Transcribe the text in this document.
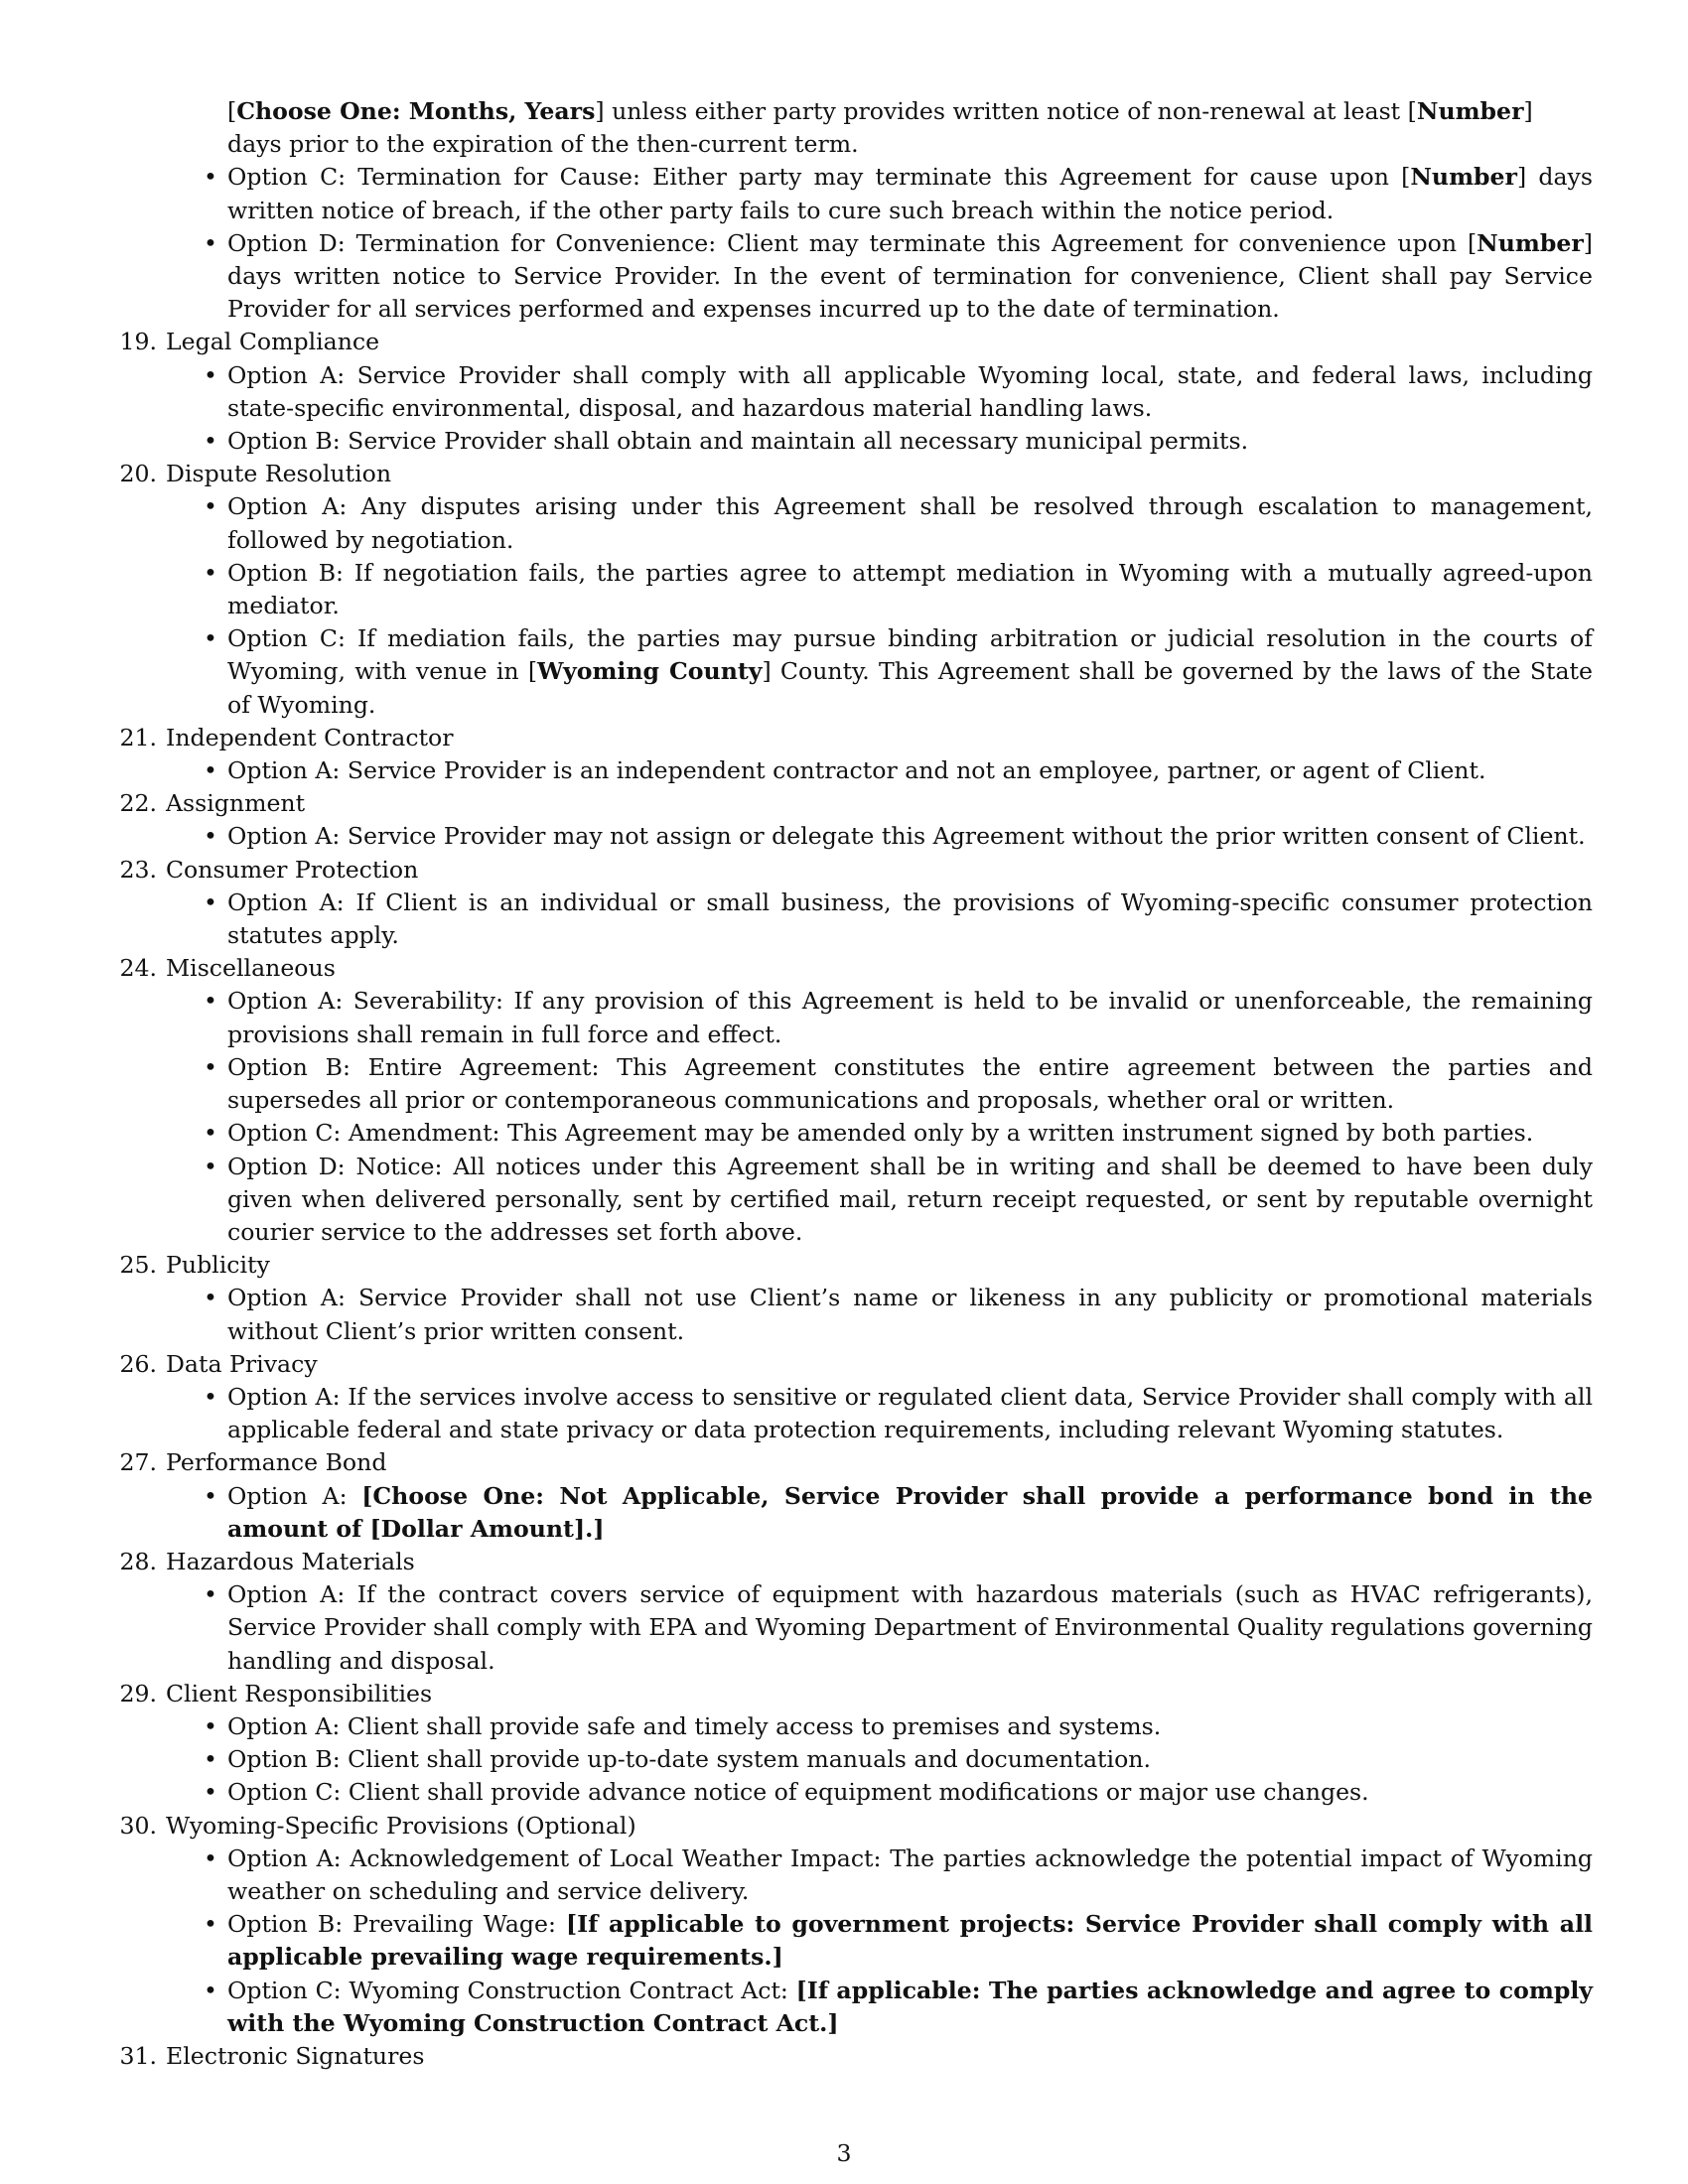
[Choose One: Months, Years] unless either party provides written notice of non-renewal at least [Number]
days prior to the expiration of the then-current term.
• Option C: Termination for Cause: Either party may terminate this Agreement for cause upon [Number] days written notice of breach, if the other party fails to cure such breach within the notice period.
• Option D: Termination for Convenience: Client may terminate this Agreement for convenience upon [Number] days written notice to Service Provider. In the event of termination for convenience, Client shall pay Service Provider for all services performed and expenses incurred up to the date of termination.
19. Legal Compliance
• Option A: Service Provider shall comply with all applicable Wyoming local, state, and federal laws, including state-specific environmental, disposal, and hazardous material handling laws.
• Option B: Service Provider shall obtain and maintain all necessary municipal permits.
20. Dispute Resolution
• Option A: Any disputes arising under this Agreement shall be resolved through escalation to management, followed by negotiation.
• Option B: If negotiation fails, the parties agree to attempt mediation in Wyoming with a mutually agreed-upon mediator.
• Option C: If mediation fails, the parties may pursue binding arbitration or judicial resolution in the courts of Wyoming, with venue in [Wyoming County] County. This Agreement shall be governed by the laws of the State of Wyoming.
21. Independent Contractor
• Option A: Service Provider is an independent contractor and not an employee, partner, or agent of Client.
22. Assignment
• Option A: Service Provider may not assign or delegate this Agreement without the prior written consent of Client.
23. Consumer Protection
• Option A: If Client is an individual or small business, the provisions of Wyoming-specific consumer protection statutes apply.
24. Miscellaneous
• Option A: Severability: If any provision of this Agreement is held to be invalid or unenforceable, the remaining provisions shall remain in full force and effect.
• Option B: Entire Agreement: This Agreement constitutes the entire agreement between the parties and supersedes all prior or contemporaneous communications and proposals, whether oral or written.
• Option C: Amendment: This Agreement may be amended only by a written instrument signed by both parties.
• Option D: Notice: All notices under this Agreement shall be in writing and shall be deemed to have been duly given when delivered personally, sent by certified mail, return receipt requested, or sent by reputable overnight courier service to the addresses set forth above.
25. Publicity
• Option A: Service Provider shall not use Client’s name or likeness in any publicity or promotional materials without Client’s prior written consent.
26. Data Privacy
• Option A: If the services involve access to sensitive or regulated client data, Service Provider shall comply with all applicable federal and state privacy or data protection requirements, including relevant Wyoming statutes.
27. Performance Bond
• Option A: [Choose One: Not Applicable, Service Provider shall provide a performance bond in the amount of [Dollar Amount].]
28. Hazardous Materials
• Option A: If the contract covers service of equipment with hazardous materials (such as HVAC refrigerants), Service Provider shall comply with EPA and Wyoming Department of Environmental Quality regulations governing handling and disposal.
29. Client Responsibilities
• Option A: Client shall provide safe and timely access to premises and systems.
• Option B: Client shall provide up-to-date system manuals and documentation.
• Option C: Client shall provide advance notice of equipment modifications or major use changes.
30. Wyoming-Specific Provisions (Optional)
• Option A: Acknowledgement of Local Weather Impact: The parties acknowledge the potential impact of Wyoming weather on scheduling and service delivery.
• Option B: Prevailing Wage: [If applicable to government projects: Service Provider shall comply with all applicable prevailing wage requirements.]
• Option C: Wyoming Construction Contract Act: [If applicable: The parties acknowledge and agree to comply with the Wyoming Construction Contract Act.]
31. Electronic Signatures
3
